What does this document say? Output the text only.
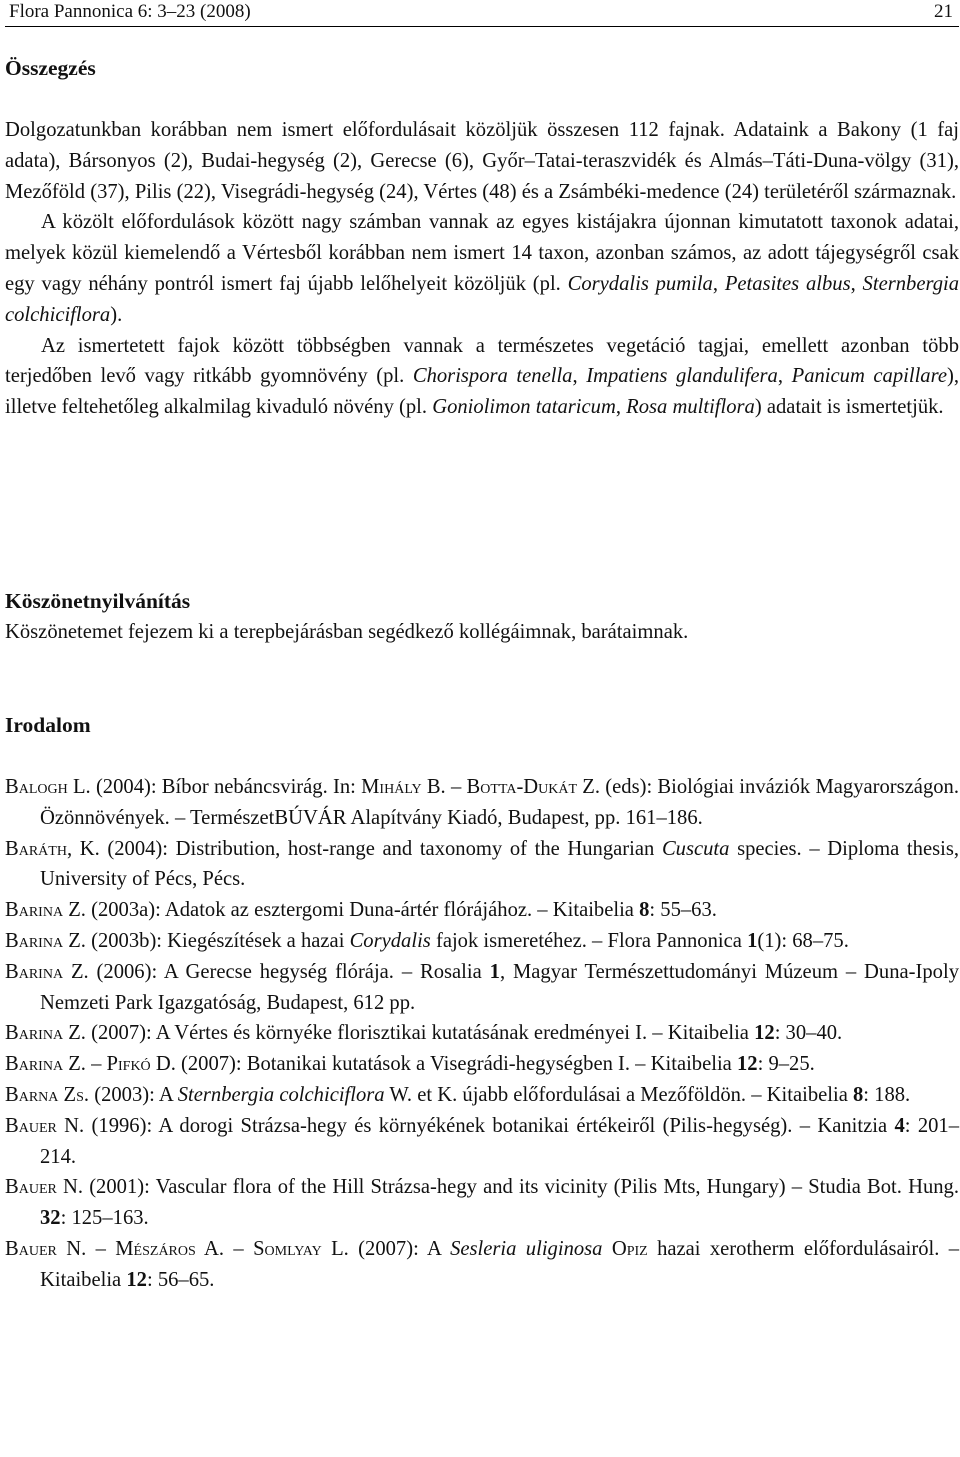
Flora Pannonica 6: 3–23 (2008)	21
Összegzés

Dolgozatunkban korábban nem ismert előfordulásait közöljük összesen 112 fajnak. Adataink a Bakony (1 faj adata), Bársonyos (2), Budai-hegység (2), Gerecse (6), Győr–Tatai-teraszvidék és Almás–Táti-Duna-völgy (31), Mezőföld (37), Pilis (22), Visegrádi-hegység (24), Vértes (48) és a Zsámbéki-medence (24) területéről származnak.

A közölt előfordulások között nagy számban vannak az egyes kistájakra újonnan kimutatott taxonok adatai, melyek közül kiemelendő a Vértesből korábban nem ismert 14 taxon, azonban számos, az adott tájegységről csak egy vagy néhány pontról ismert faj újabb lelőhelyeit közöljük (pl. Corydalis pumila, Petasites albus, Sternbergia colchiciflora).

Az ismertetett fajok között többségben vannak a természetes vegetáció tagjai, emellett azonban több terjedőben levő vagy ritkább gyomnövény (pl. Chorispora tenella, Impatiens glandulifera, Panicum capillare), illetve feltehetőleg alkalmilag kivaduló növény (pl. Goniolimon tataricum, Rosa multiflora) adatait is ismertetjük.

Köszönetnyilvánítás
Köszönetemet fejezem ki a terepbejárásban segédkező kollégáimnak, barátaimnak.
Irodalom

Balogh L. (2004): Bíbor nebáncsvirág. In: Mihály B. – Botta-Dukát Z. (eds): Biológiai inváziók Magyarországon. Özönnövények. – TermészetBÚVÁR Alapítvány Kiadó, Budapest, pp. 161–186.

Baráth, K. (2004): Distribution, host-range and taxonomy of the Hungarian Cuscuta species. – Diploma thesis, University of Pécs, Pécs.

Barina Z. (2003a): Adatok az esztergomi Duna-ártér flórájához. – Kitaibelia 8: 55–63.

Barina Z. (2003b): Kiegészítések a hazai Corydalis fajok ismeretéhez. – Flora Pannonica 1(1): 68–75.

Barina Z. (2006): A Gerecse hegység flórája. – Rosalia 1, Magyar Természettudományi Múzeum – Duna-Ipoly Nemzeti Park Igazgatóság, Budapest, 612 pp.

Barina Z. (2007): A Vértes és környéke florisztikai kutatásának eredményei I. – Kitaibelia 12: 30–40.

Barina Z. – Pifkó D. (2007): Botanikai kutatások a Visegrádi-hegységben I. – Kitaibelia 12: 9–25.

Barna Zs. (2003): A Sternbergia colchiciflora W. et K. újabb előfordulásai a Mezőföldön. – Kitaibelia 8: 188.

Bauer N. (1996): A dorogi Strázsa-hegy és környékének botanikai értékeiről (Pilis-hegység). – Kanitzia 4: 201–214.

Bauer N. (2001): Vascular flora of the Hill Strázsa-hegy and its vicinity (Pilis Mts, Hungary) – Studia Bot. Hung. 32: 125–163.

Bauer N. – Mészáros A. – Somlyay L. (2007): A Sesleria uliginosa Opiz hazai xerotherm előfordulásairól. – Kitaibelia 12: 56–65.
